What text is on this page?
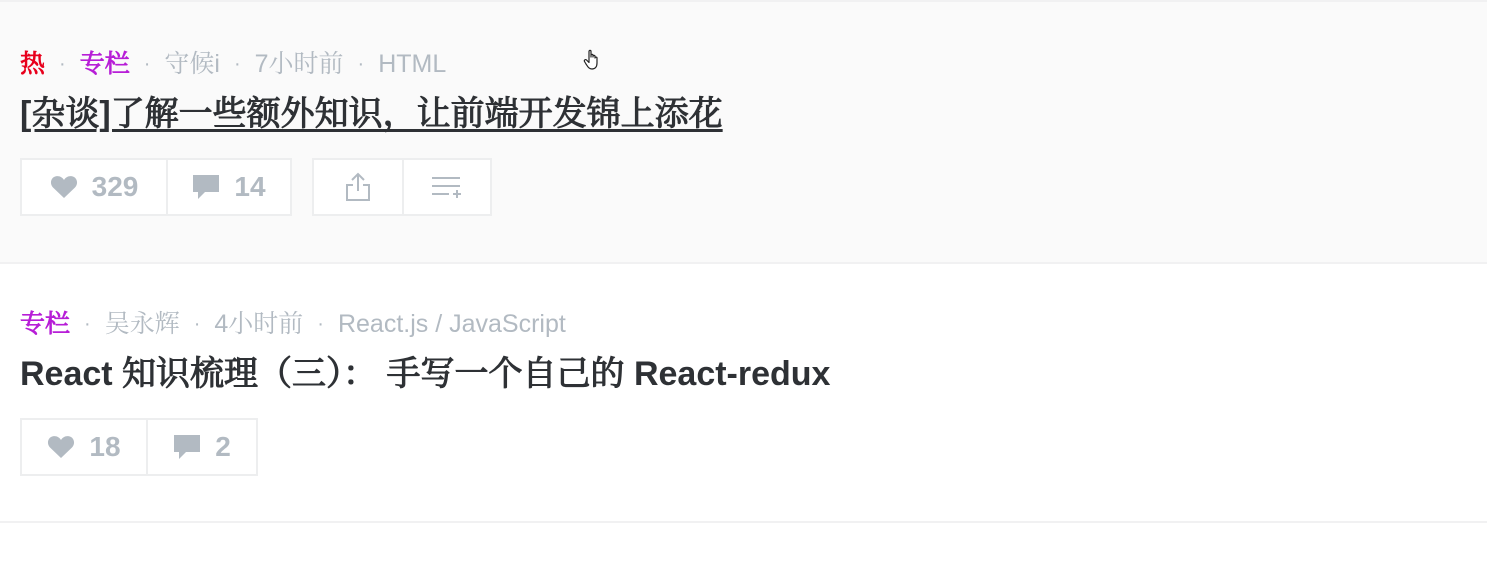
热 · 专栏 · 守候i · 7小时前 · HTML
[杂谈]了解一些额外知识，让前端开发锦上添花
329	14
专栏 · 吴永辉 · 4小时前 · React.js / JavaScript
React 知识梳理（三）： 手写一个自己的 React-redux
18	2
